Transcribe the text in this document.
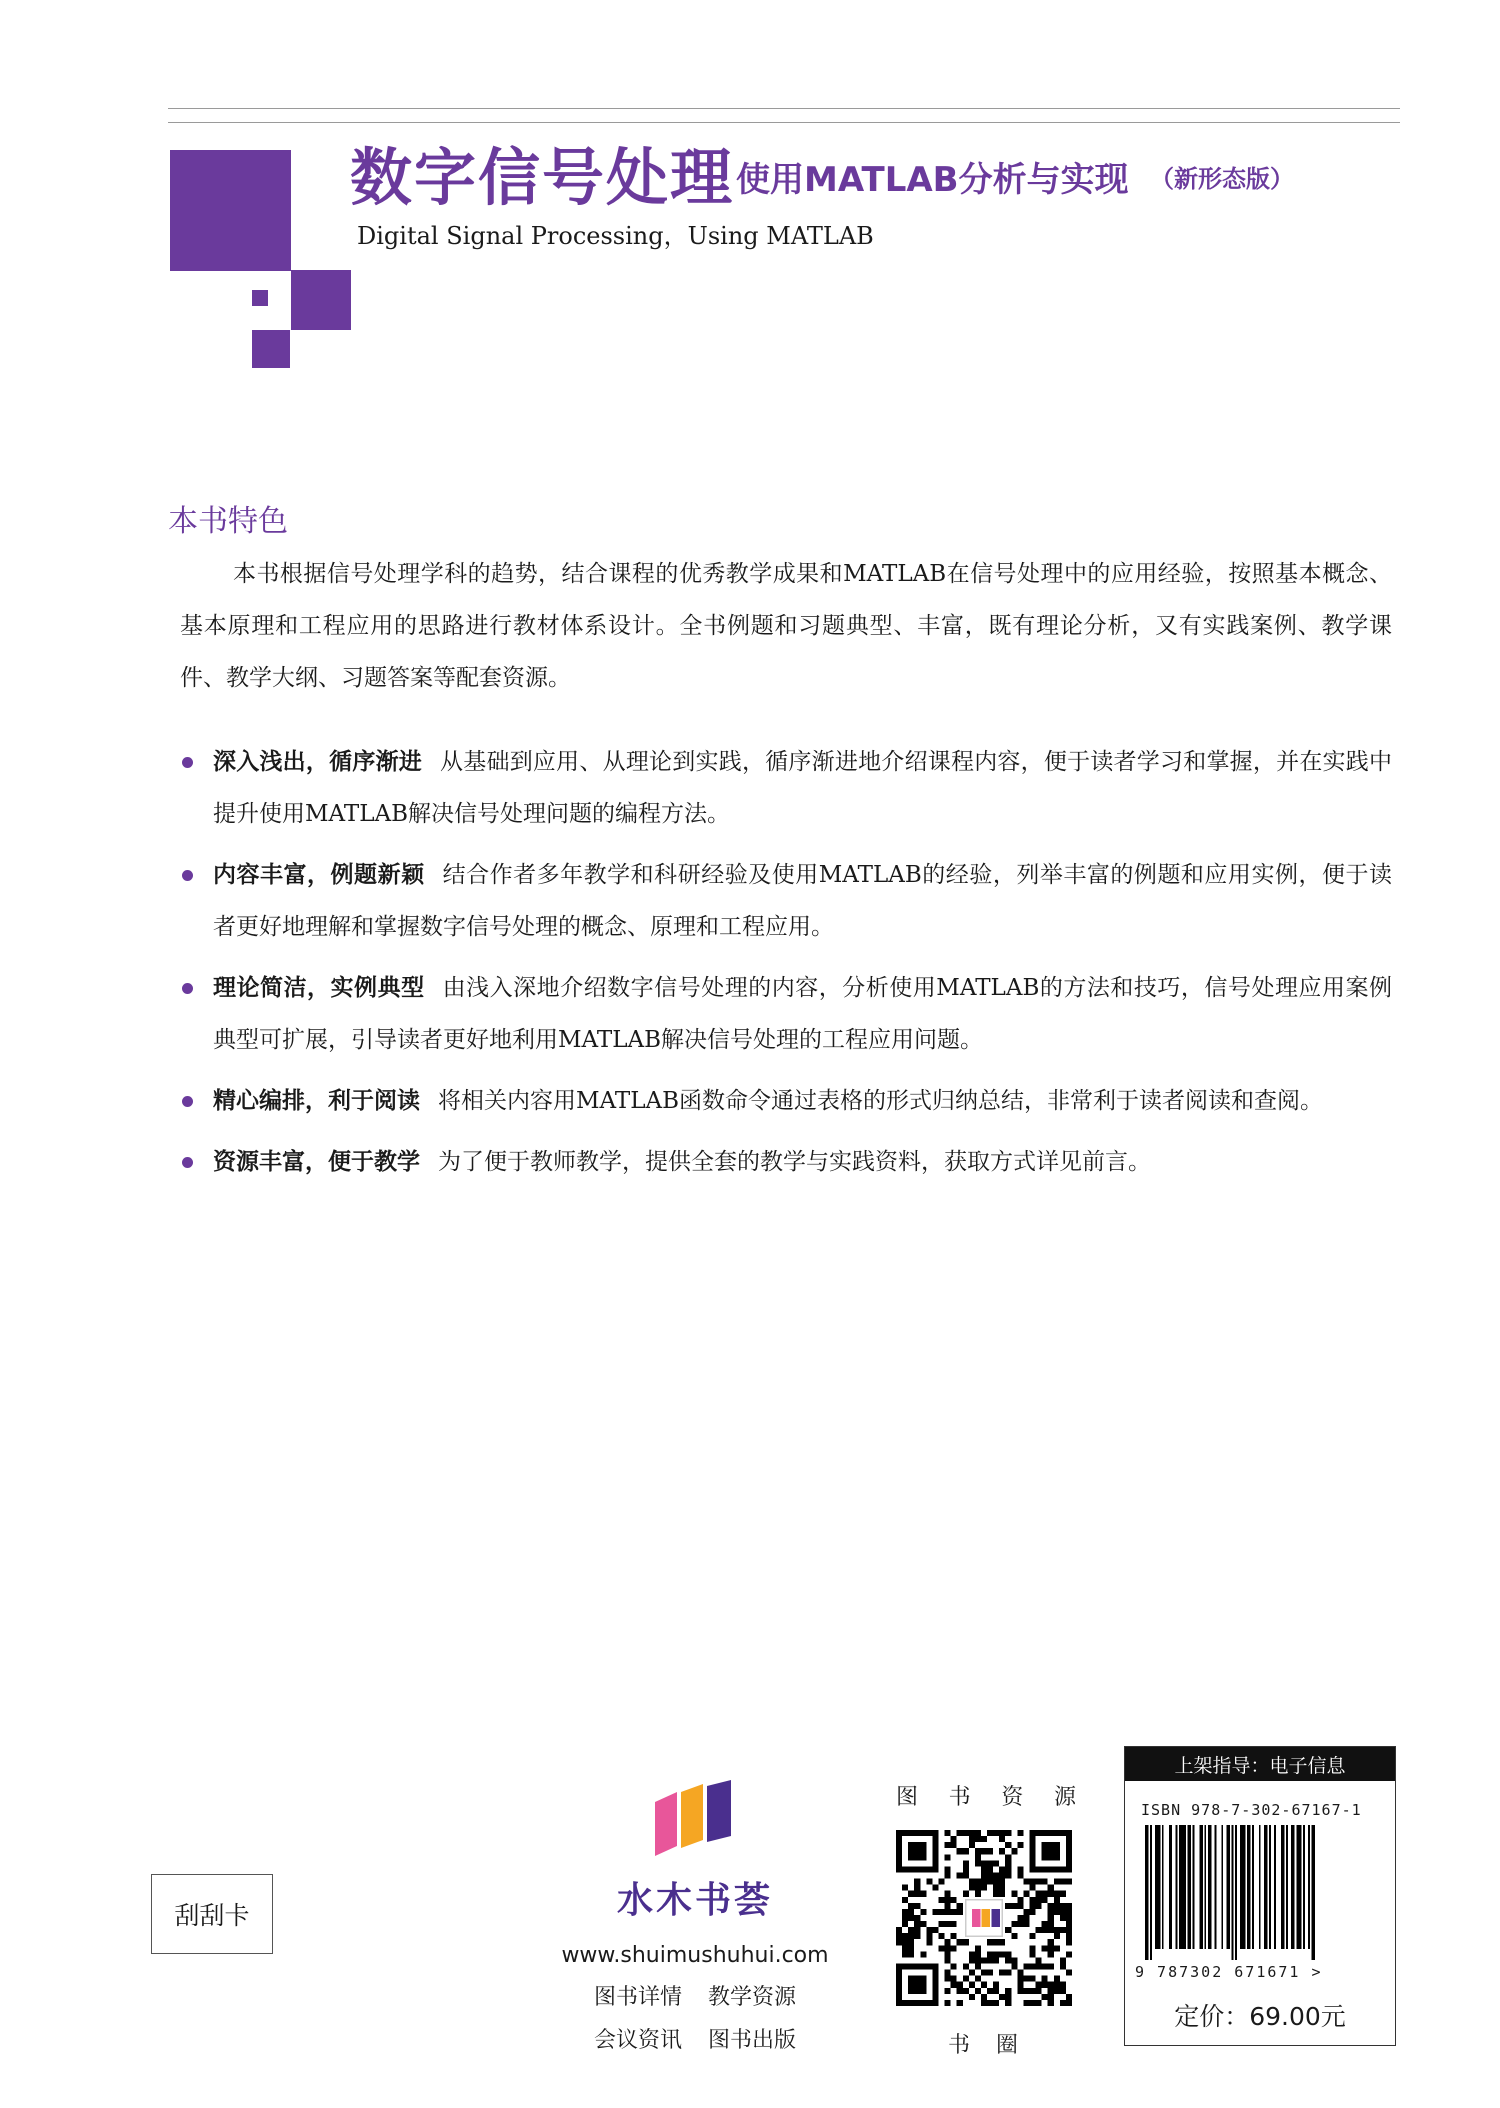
数字信号处理 使用MATLAB分析与实现 （新形态版）
Digital Signal Processing，Using MATLAB
本书特色
本书根据信号处理学科的趋势，结合课程的优秀教学成果和MATLAB在信号处理中的应用经验，按照基本概念、基本原理和工程应用的思路进行教材体系设计。全书例题和习题典型、丰富，既有理论分析，又有实践案例、教学课件、教学大纲、习题答案等配套资源。
深入浅出，循序渐进 从基础到应用、从理论到实践，循序渐进地介绍课程内容，便于读者学习和掌握，并在实践中提升使用MATLAB解决信号处理问题的编程方法。
内容丰富，例题新颖 结合作者多年教学和科研经验及使用MATLAB的经验，列举丰富的例题和应用实例，便于读者更好地理解和掌握数字信号处理的概念、原理和工程应用。
理论简洁，实例典型 由浅入深地介绍数字信号处理的内容，分析使用MATLAB的方法和技巧，信号处理应用案例典型可扩展，引导读者更好地利用MATLAB解决信号处理的工程应用问题。
精心编排，利于阅读 将相关内容用MATLAB函数命令通过表格的形式归纳总结，非常利于读者阅读和查阅。
资源丰富，便于教学 为了便于教师教学，提供全套的教学与实践资料，获取方式详见前言。
刮刮卡	水木书荟
www.shuimushuhui.com
图书详情 教学资源
会议资讯 图书出版
图 书 资 源
书 圈
上架指导：电子信息
ISBN 978-7-302-67167-1
9 787302 671671 >
定价：69.00元
